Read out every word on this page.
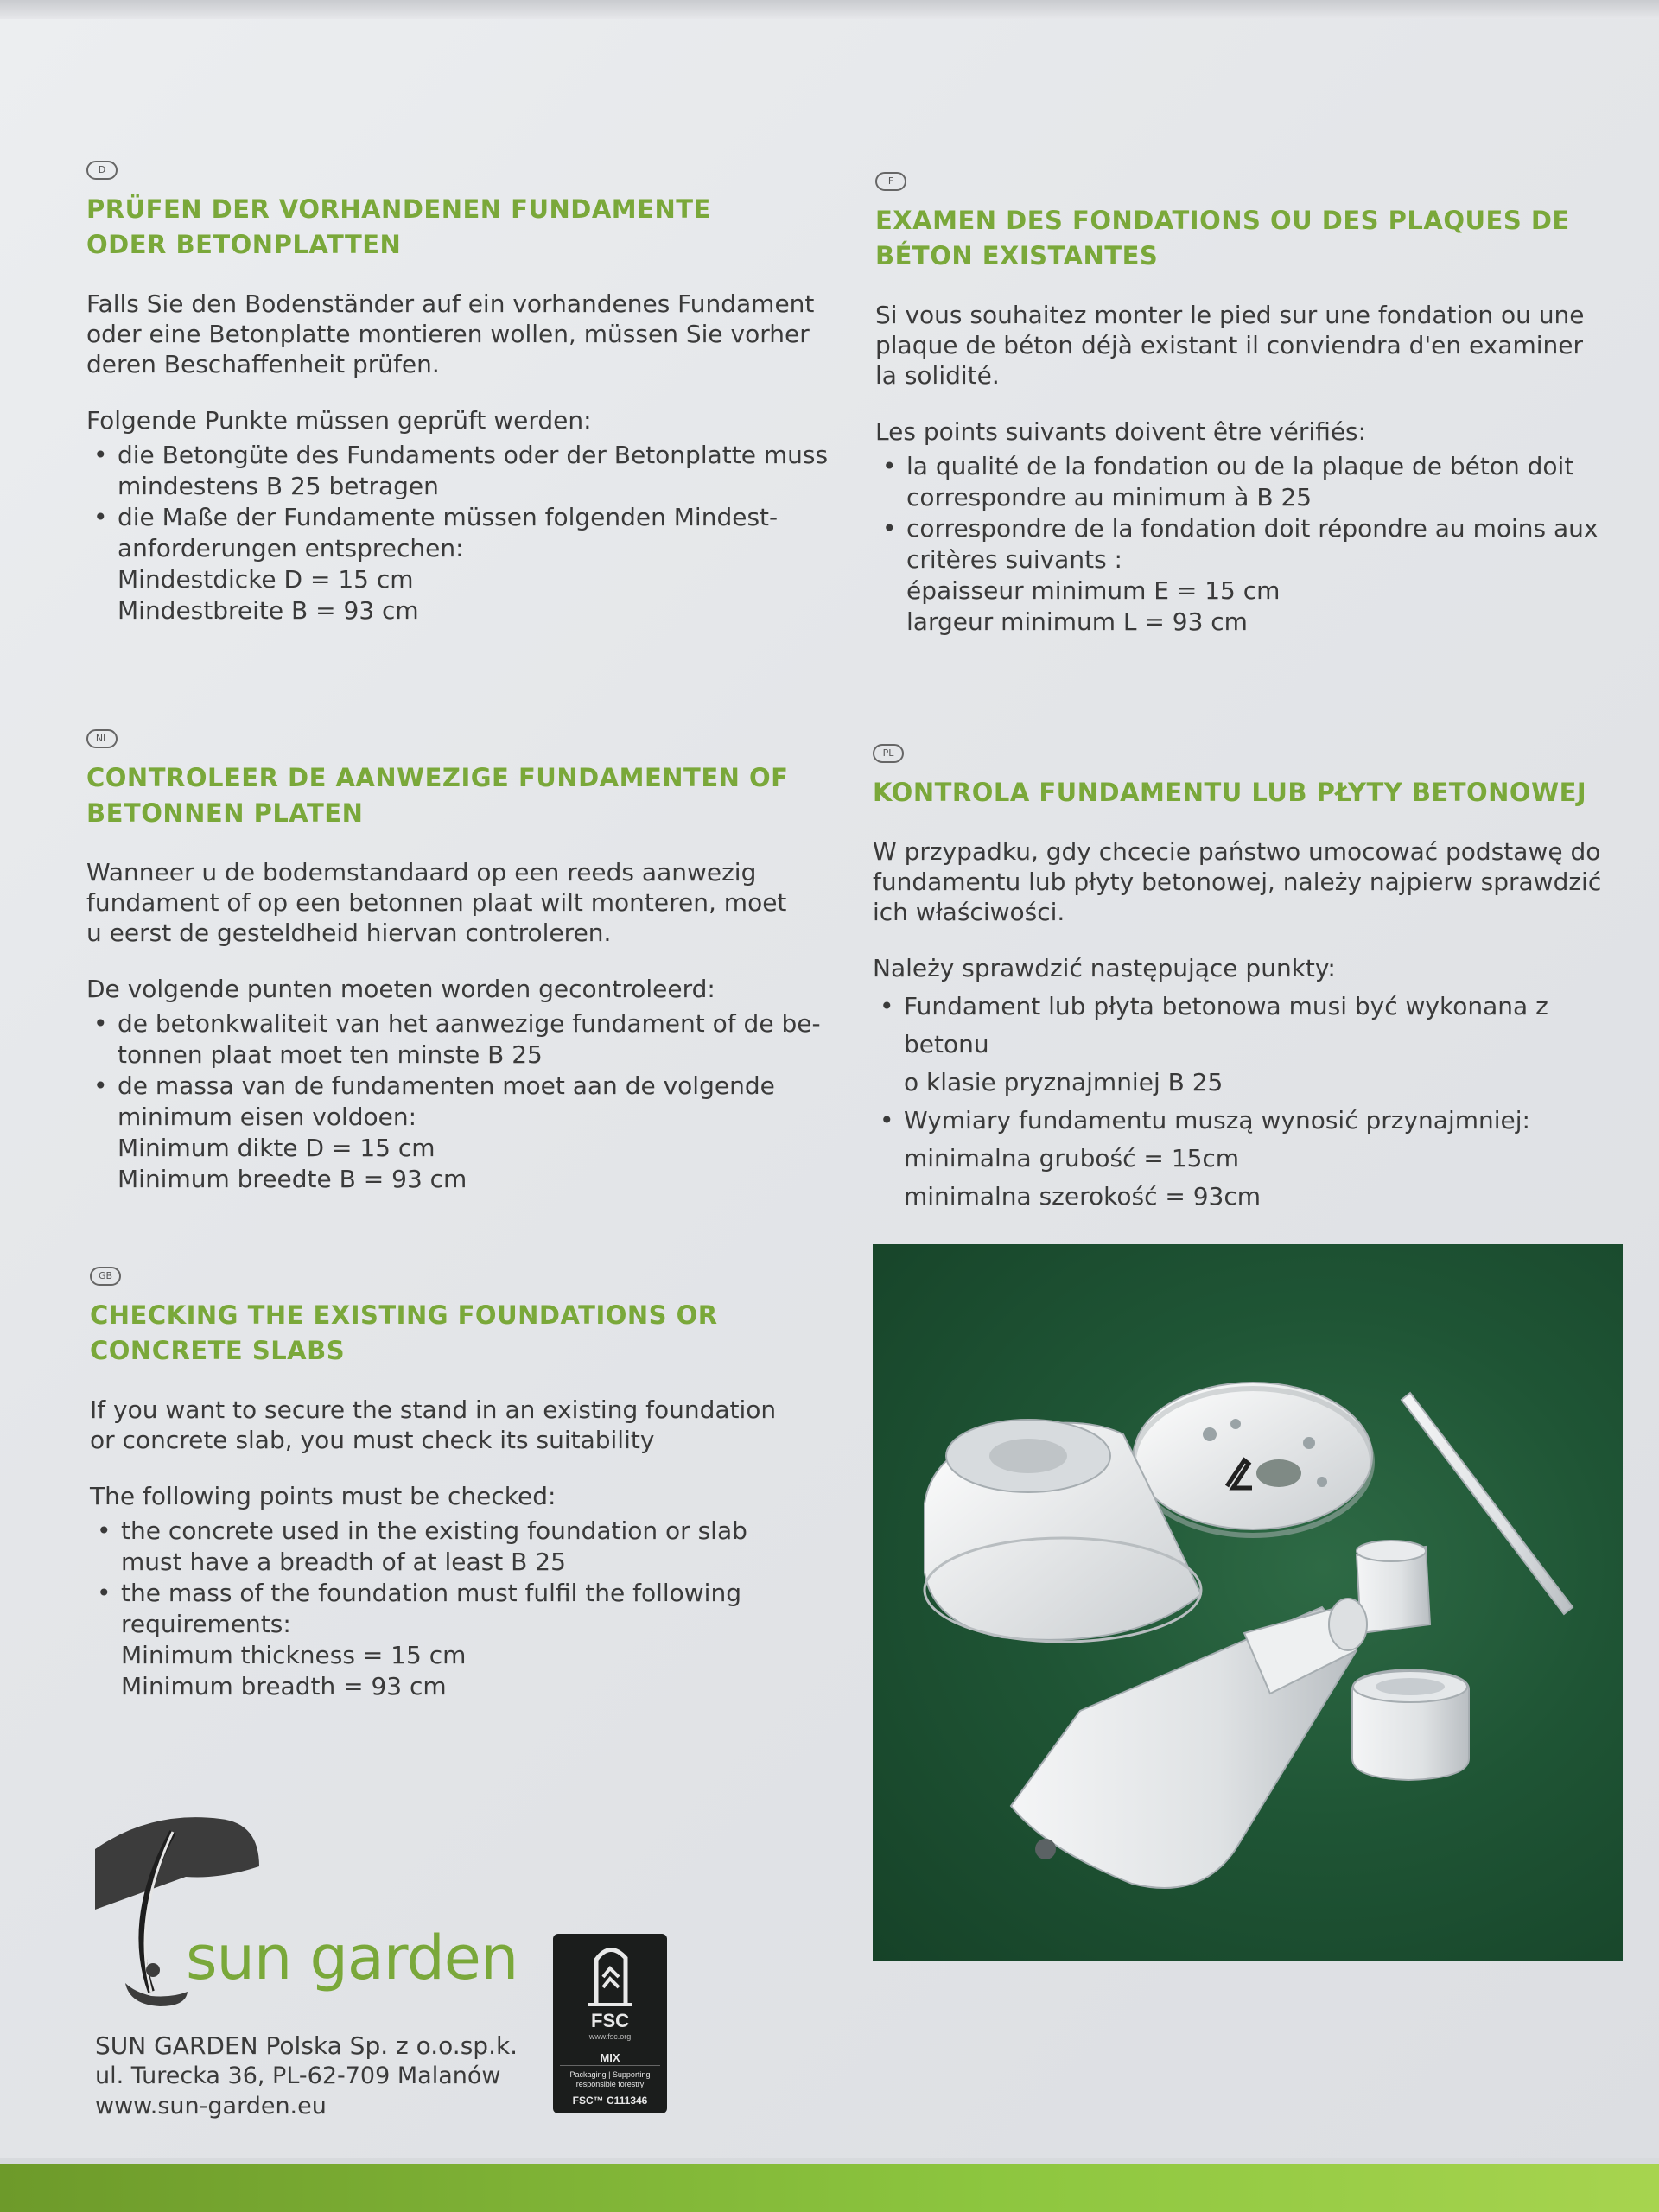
D
PRÜFEN DER VORHANDENEN FUNDAMENTE
ODER BETONPLATTEN
Falls Sie den Bodenständer auf ein vorhandenes Fundament
oder eine Betonplatte montieren wollen, müssen Sie vorher
deren Beschaffenheit prüfen.
Folgende Punkte müssen geprüft werden:
• die Betongüte des Fundaments oder der Betonplatte muss
mindestens B 25 betragen
• die Maße der Fundamente müssen folgenden Mindest-
anforderungen entsprechen:
Mindestdicke D = 15 cm
Mindestbreite B = 93 cm
F
EXAMEN DES FONDATIONS OU DES PLAQUES DE
BÉTON EXISTANTES
Si vous souhaitez monter le pied sur une fondation ou une
plaque de béton déjà existant il conviendra d'en examiner
la solidité.
Les points suivants doivent être vérifiés:
• la qualité de la fondation ou de la plaque de béton doit
correspondre au minimum à B 25
• correspondre de la fondation doit répondre au moins aux
critères suivants :
épaisseur minimum E = 15 cm
largeur minimum L = 93 cm
NL
CONTROLEER DE AANWEZIGE FUNDAMENTEN OF
BETONNEN PLATEN
Wanneer u de bodemstandaard op een reeds aanwezig
fundament of op een betonnen plaat wilt monteren, moet
u eerst de gesteldheid hiervan controleren.
De volgende punten moeten worden gecontroleerd:
• de betonkwaliteit van het aanwezige fundament of de be-
tonnen plaat moet ten minste B 25
• de massa van de fundamenten moet aan de volgende
minimum eisen voldoen:
Minimum dikte D = 15 cm
Minimum breedte B = 93 cm
PL
KONTROLA FUNDAMENTU LUB PŁYTY BETONOWEJ
W przypadku, gdy chcecie państwo umocować podstawę do
fundamentu lub płyty betonowej, należy najpierw sprawdzić
ich właściwości.
Należy sprawdzić następujące punkty:
• Fundament lub płyta betonowa musi być wykonana z betonu
o klasie pryznajmniej B 25
• Wymiary fundamentu muszą wynosić przynajmniej:
minimalna grubość = 15cm
minimalna szerokość = 93cm
GB
CHECKING THE EXISTING FOUNDATIONS OR
CONCRETE SLABS
If you want to secure the stand in an existing foundation
or concrete slab, you must check its suitability
The following points must be checked:
• the concrete used in the existing foundation or slab
must have a breadth of at least B 25
• the mass of the foundation must fulfil the following
requirements:
Minimum thickness = 15 cm
Minimum breadth = 93 cm
sun garden
SUN GARDEN Polska Sp. z o.o.sp.k.
ul. Turecka 36, PL-62-709 Malanów
www.sun-garden.eu
FSC
www.fsc.org
MIX
Packaging | Supporting responsible forestry
FSC™ C111346
